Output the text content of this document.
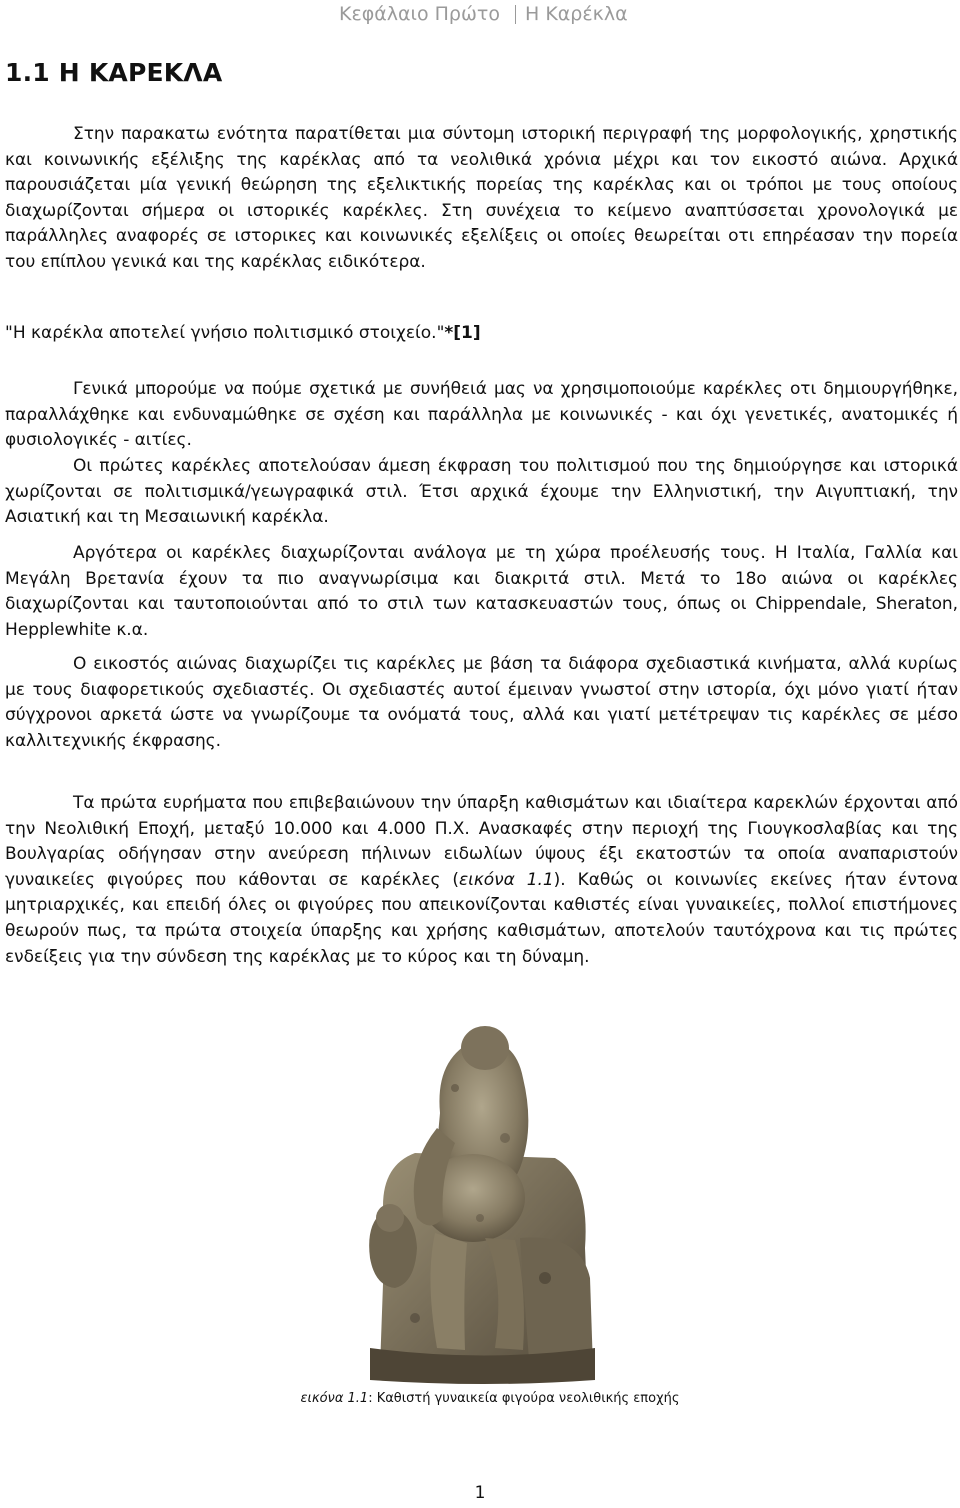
Κεφάλαιο Πρώτο Η Καρέκλα
1.1 Η ΚΑΡΕΚΛΑ

Στην παρακατω ενότητα παρατίθεται μια σύντομη ιστορική περιγραφή της μορφολογικής, χρηστικής και κοινωνικής εξέλιξης της καρέκλας από τα νεολιθικά χρόνια μέχρι και τον εικοστό αιώνα. Αρχικά παρουσιάζεται μία γενική θεώρηση της εξελικτικής πορείας της καρέκλας και οι τρόποι με τους οποίους διαχωρίζονται σήμερα οι ιστορικές καρέκλες. Στη συνέχεια το κείμενο αναπτύσσεται χρονολογικά με παράλληλες αναφορές σε ιστορικες και κοινωνικές εξελίξεις οι οποίες θεωρείται οτι επηρέασαν την πορεία του επίπλου γενικά και της καρέκλας ειδικότερα.

"Η καρέκλα αποτελεί γνήσιο πολιτισμικό στοιχείο."*[1]

Γενικά μπορούμε να πούμε σχετικά με συνήθειά μας να χρησιμοποιούμε καρέκλες οτι δημιουργήθηκε, παραλλάχθηκε και ενδυναμώθηκε σε σχέση και παράλληλα με κοινωνικές - και όχι γενετικές, ανατομικές ή φυσιολογικές - αιτίες.

Οι πρώτες καρέκλες αποτελούσαν άμεση έκφραση του πολιτισμού που της δημιούργησε και ιστορικά χωρίζονται σε πολιτισμικά/γεωγραφικά στιλ. Έτσι αρχικά έχουμε την Ελληνιστική, την Αιγυπτιακή, την Ασιατική και τη Μεσαιωνική καρέκλα.

Αργότερα οι καρέκλες διαχωρίζονται ανάλογα με τη χώρα προέλευσής τους. Η Ιταλία, Γαλλία και Μεγάλη Βρετανία έχουν τα πιο αναγνωρίσιμα και διακριτά στιλ. Μετά το 18ο αιώνα οι καρέκλες διαχωρίζονται και ταυτοποιούνται από το στιλ των κατασκευαστών τους, όπως οι Chippendale, Sheraton, Hepplewhite κ.α.

Ο εικοστός αιώνας διαχωρίζει τις καρέκλες με βάση τα διάφορα σχεδιαστικά κινήματα, αλλά κυρίως με τους διαφορετικούς σχεδιαστές. Οι σχεδιαστές αυτοί έμειναν γνωστοί στην ιστορία, όχι μόνο γιατί ήταν σύγχρονοι αρκετά ώστε να γνωρίζουμε τα ονόματά τους, αλλά και γιατί μετέτρεψαν τις καρέκλες σε μέσο καλλιτεχνικής έκφρασης.

Τα πρώτα ευρήματα που επιβεβαιώνουν την ύπαρξη καθισμάτων και ιδιαίτερα καρεκλών έρχονται από την Νεολιθική Εποχή, μεταξύ 10.000 και 4.000 Π.Χ. Ανασκαφές στην περιοχή της Γιουγκοσλαβίας και της Βουλγαρίας οδήγησαν στην ανεύρεση πήλινων ειδωλίων ύψους έξι εκατοστών τα οποία αναπαριστούν γυναικείες φιγούρες που κάθονται σε καρέκλες (εικόνα 1.1). Καθώς οι κοινωνίες εκείνες ήταν έντονα μητριαρχικές, και επειδή όλες οι φιγούρες που απεικονίζονται καθιστές είναι γυναικείες, πολλοί επιστήμονες θεωρούν πως, τα πρώτα στοιχεία ύπαρξης και χρήσης καθισμάτων, αποτελούν ταυτόχρονα και τις πρώτες ενδείξεις για την σύνδεση της καρέκλας με το κύρος και τη δύναμη.

εικόνα 1.1: Καθιστή γυναικεία φιγούρα νεολιθικής εποχής
1
